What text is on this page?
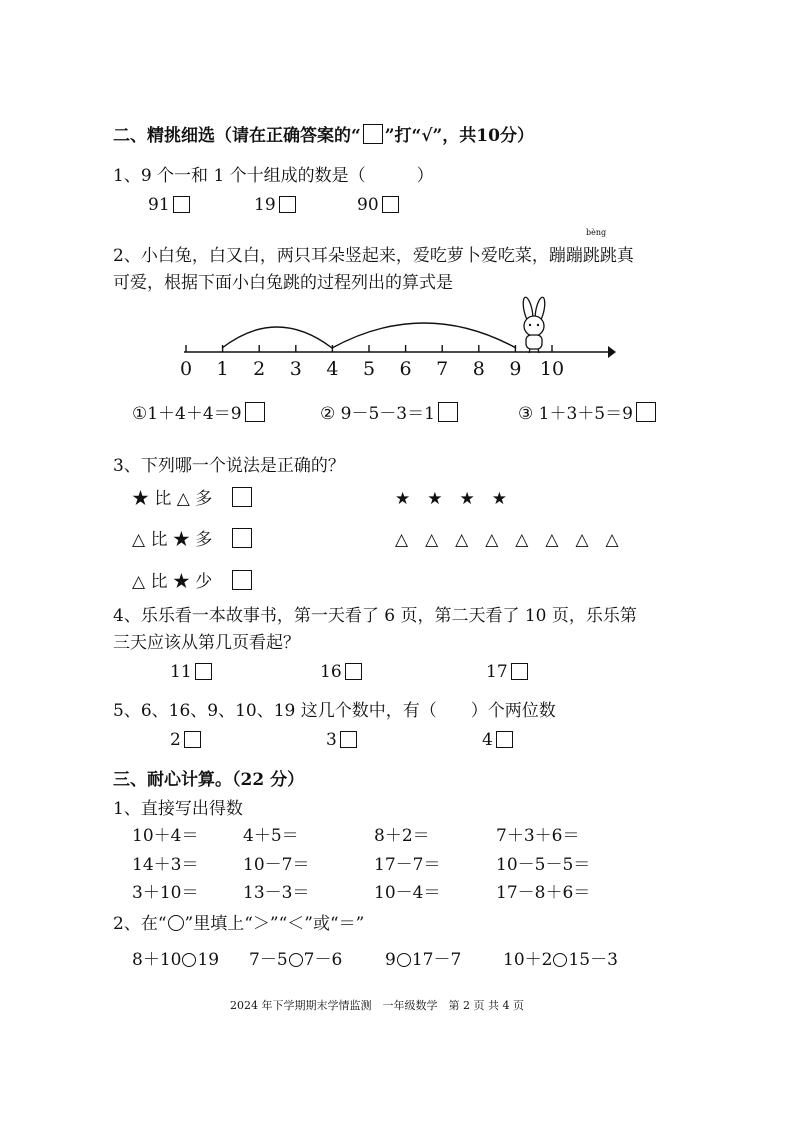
二、精挑细选（请在正确答案的“ ”打“√”，共10分）
1、9 个一和 1 个十组成的数是（　　　）
91	19	90
bèng
2、小白兔，白又白，两只耳朵竖起来，爱吃萝卜爱吃菜，蹦蹦跳跳真
可爱，根据下面小白兔跳的过程列出的算式是
0 1 2 3 4 5 6 7 8 9 10
①1＋4＋4＝9	② 9－5－3＝1	③ 1＋3＋5＝9
3、下列哪一个说法是正确的？
★ 比 △ 多　
△ 比 ★ 多　
△ 比 ★ 少　
★　★　★　★
△　△　△　△　△　△　△　△
4、乐乐看一本故事书，第一天看了 6 页，第二天看了 10 页，乐乐第
三天应该从第几页看起？
11	16	17
5、6、16、9、10、19 这几个数中，有（　　）个两位数
2	3	4
三、耐心计算。（22 分）
1、直接写出得数
10＋4＝	4＋5＝	8＋2＝	7＋3＋6＝
14＋3＝	10－7＝	17－7＝	10－5－5＝
3＋10＝	13－3＝	10－4＝	17－8＋6＝
2、在“ ”里填上“＞”“＜”或“＝”
8＋10 19 7－5 7－6	9 17－7 10＋2 15－3
2024 年下学期期末学情监测　一年级数学　第 2 页 共 4 页
